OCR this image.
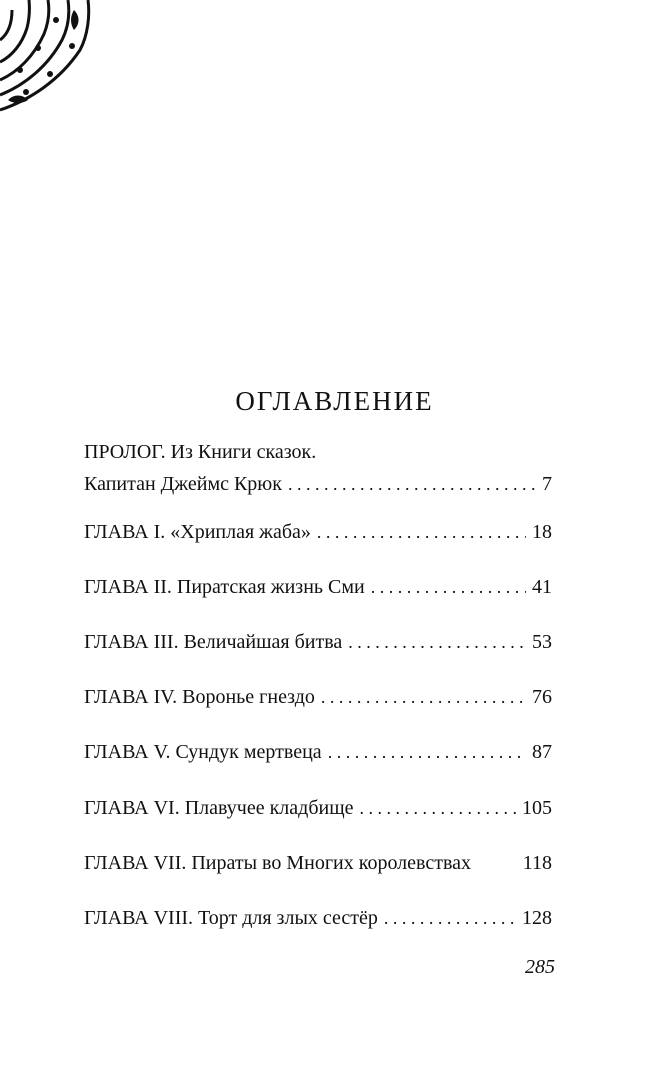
ОГЛАВЛЕНИЕ
ПРОЛОГ. Из Книги сказок.
Капитан Джеймс Крюк . . .	7
ГЛАВА I. «Хриплая жаба» . . .	18
ГЛАВА II. Пиратская жизнь Сми . . .	41
ГЛАВА III. Величайшая битва . . .	53
ГЛАВА IV. Воронье гнездо . . .	76
ГЛАВА V. Сундук мертвеца . . .	87
ГЛАВА VI. Плавучее кладбище . . .	105
ГЛАВА VII. Пираты во Многих королевствах	118
ГЛАВА VIII. Торт для злых сестёр . . .	128
285
